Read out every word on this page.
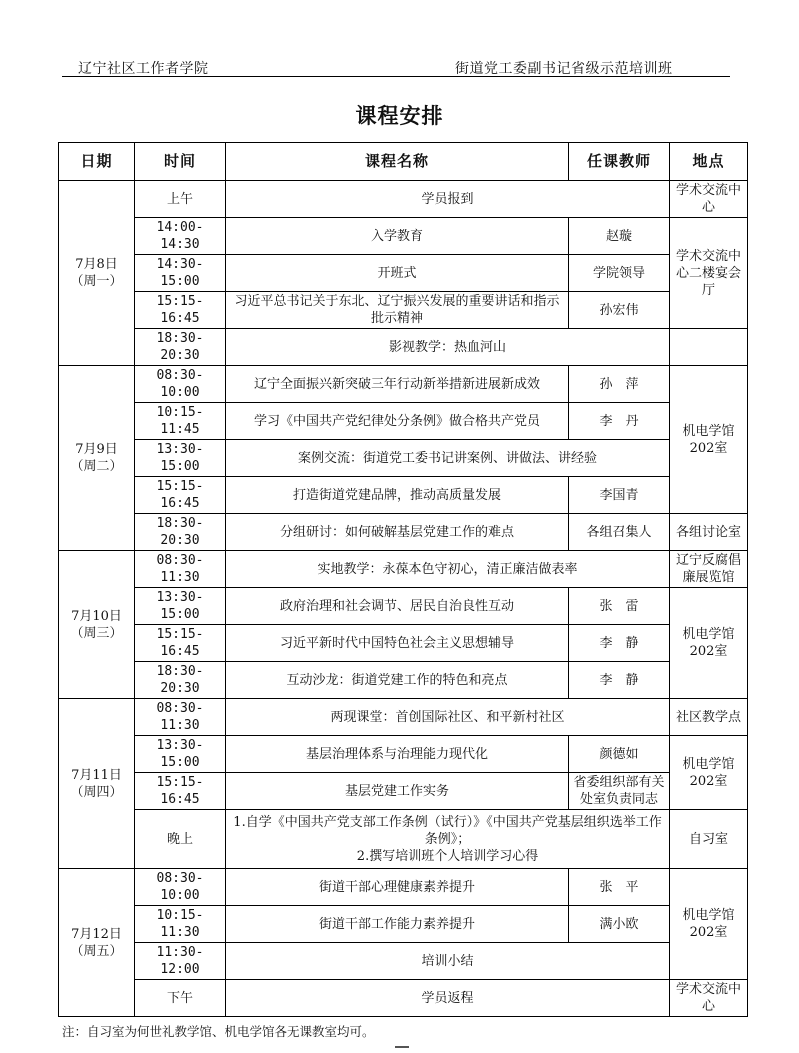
辽宁社区工作者学院	街道党工委副书记省级示范培训班
课程安排
日期	时间	课程名称	任课教师	地点

7月8日
（周一）	上午	学员报到		学术交流中心
	14:00-14:30	入学教育	赵璇	学术交流中心二楼宴会厅
	14:30-15:00	开班式	学院领导	
	15:15-16:45	习近平总书记关于东北、辽宁振兴发展的重要讲话和指示批示精神	孙宏伟	
	18:30-20:30	影视教学：热血河山		

7月9日
（周二）	08:30-10:00	辽宁全面振兴新突破三年行动新举措新进展新成效	孙　萍	机电学馆202室
	10:15-11:45	学习《中国共产党纪律处分条例》做合格共产党员	李　丹	
	13:30-15:00	案例交流：街道党工委书记讲案例、讲做法、讲经验		
	15:15-16:45	打造街道党建品牌，推动高质量发展	李国青	
	18:30-20:30	分组研讨：如何破解基层党建工作的难点	各组召集人	各组讨论室

7月10日
（周三）	08:30-11:30	实地教学：永葆本色守初心，清正廉洁做表率		辽宁反腐倡廉展览馆
	13:30-15:00	政府治理和社会调节、居民自治良性互动	张　雷	机电学馆202室
	15:15-16:45	习近平新时代中国特色社会主义思想辅导	李　静	
	18:30-20:30	互动沙龙：街道党建工作的特色和亮点	李　静	

7月11日
（周四）	08:30-11:30	两现课堂：首创国际社区、和平新村社区		社区教学点
	13:30-15:00	基层治理体系与治理能力现代化	颜德如	机电学馆202室
	15:15-16:45	基层党建工作实务	省委组织部有关处室负责同志	
	晚上	1.自学《中国共产党支部工作条例（试行）》《中国共产党基层组织选举工作条例》；
2.撰写培训班个人培训学习心得		自习室

7月12日
（周五）	08:30-10:00	街道干部心理健康素养提升	张　平	机电学馆202室
	10:15-11:30	街道干部工作能力素养提升	满小欧	
	11:30-12:00	培训小结		
	下午	学员返程		学术交流中心
注：自习室为何世礼教学馆、机电学馆各无课教室均可。
